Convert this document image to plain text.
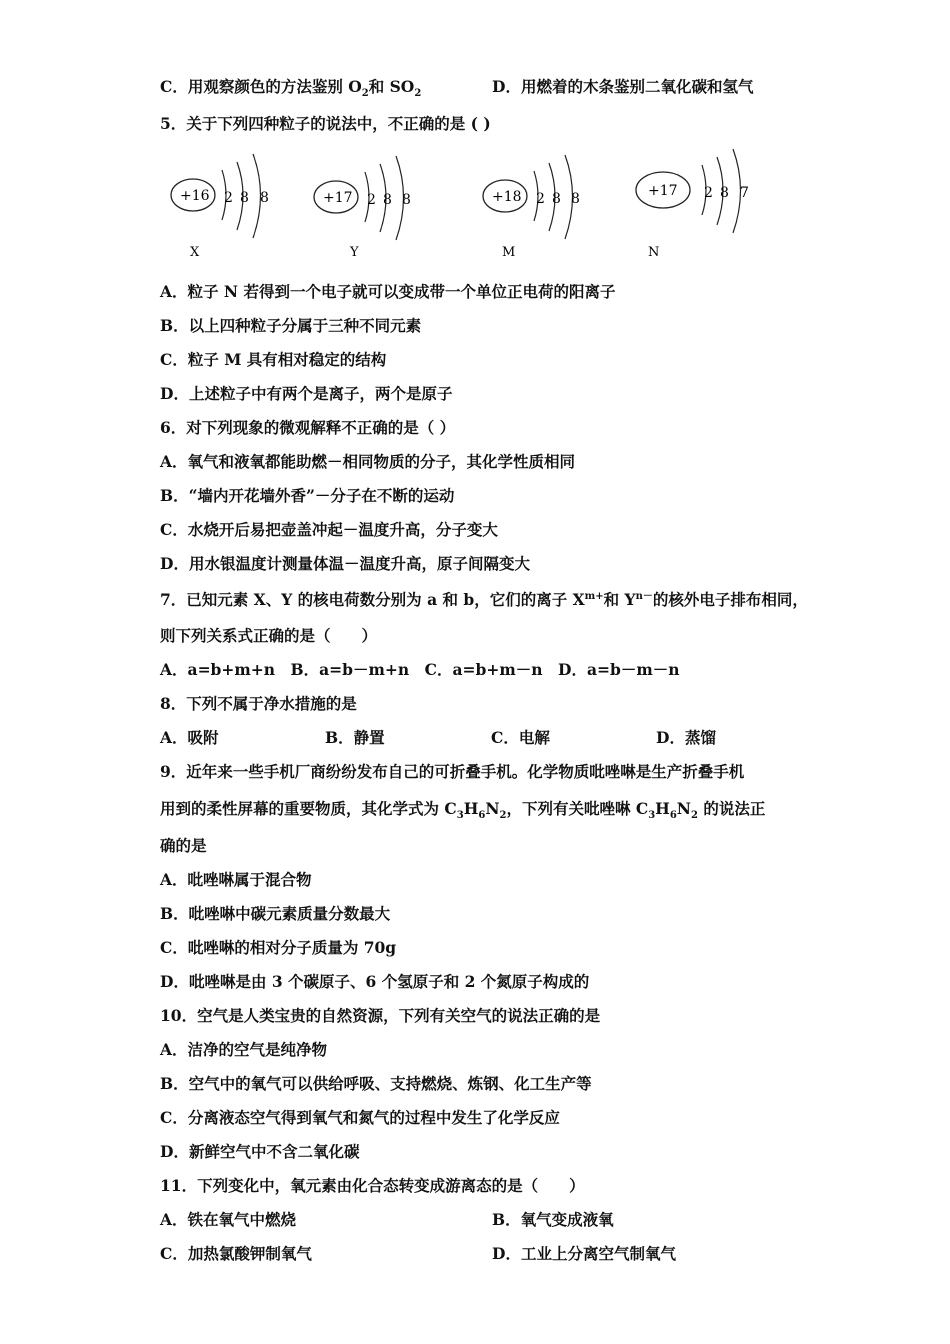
C．用观察颜色的方法鉴别 $O_2$和 $SO_2$	D．用燃着的木条鉴别二氧化碳和氢气
5．关于下列四种粒子的说法中，不正确的是 ( )
+16 2 8 8
X
+17 2 8 8
Y
+18 2 8 8
M
+17 2 8 7
N
A．粒子 N 若得到一个电子就可以变成带一个单位正电荷的阳离子
B．以上四种粒子分属于三种不同元素
C．粒子 M 具有相对稳定的结构
D．上述粒子中有两个是离子，两个是原子
6．对下列现象的微观解释不正确的是（ ）
A．氧气和液氧都能助燃－相同物质的分子，其化学性质相同
B．“墙内开花墙外香”－分子在不断的运动
C．水烧开后易把壶盖冲起－温度升高，分子变大
D．用水银温度计测量体温－温度升高，原子间隔变大
7．已知元素 X、Y 的核电荷数分别为 a 和 b，它们的离子 $X^{m+}$和 $Y^{n-}$的核外电子排布相同，
则下列关系式正确的是（　　）
A．a=b+m+n　B．a=b－m+n　C．a=b+m－n　D．a=b－m－n
8．下列不属于净水措施的是
A．吸附	B．静置	C．电解	D．蒸馏
9．近年来一些手机厂商纷纷发布自己的可折叠手机。化学物质吡唑啉是生产折叠手机
用到的柔性屏幕的重要物质，其化学式为 $C_3H_6N_2$，下列有关吡唑啉 $C_3H_6N_2$ 的说法正
确的是
A．吡唑啉属于混合物
B．吡唑啉中碳元素质量分数最大
C．吡唑啉的相对分子质量为 70g
D．吡唑啉是由 3 个碳原子、6 个氢原子和 2 个氮原子构成的
10．空气是人类宝贵的自然资源，下列有关空气的说法正确的是
A．洁净的空气是纯净物
B．空气中的氧气可以供给呼吸、支持燃烧、炼钢、化工生产等
C．分离液态空气得到氧气和氮气的过程中发生了化学反应
D．新鲜空气中不含二氧化碳
11．下列变化中，氧元素由化合态转变成游离态的是（　　）
A．铁在氧气中燃烧	B．氧气变成液氧
C．加热氯酸钾制氧气	D．工业上分离空气制氧气
